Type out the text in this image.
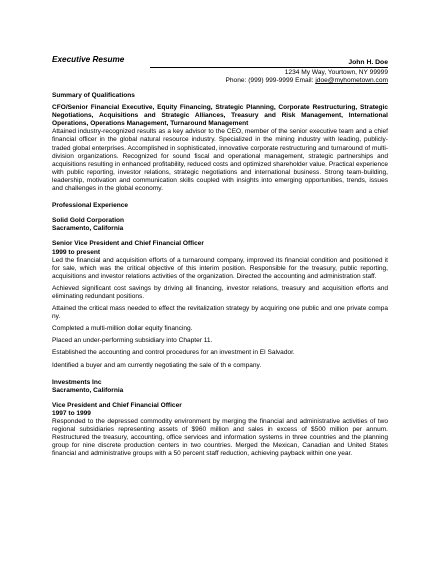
Executive Resume	John H. Doe
1234 My Way, Yourtown, NY 99999
Phone: (999) 999-9999 Email: jdoe@myhometown.com
Summary of Qualifications
CFO/Senior Financial Executive, Equity Financing, Strategic Planning, Corporate Restructuring, Strategic Negotiations, Acquisitions and Strategic Alliances, Treasury and Risk Management, International Operations, Operations Management, Turnaround Management
Attained industry-recognized results as a key advisor to the CEO, member of the senior executive team and a chief financial officer in the global natural resource industry. Specialized in the mining industry with leading, publicly-traded global enterprises. Accomplished in sophisticated, innovative corporate restructuring and turnaround of multi-division organizations. Recognized for sound fiscal and operational management, strategic partnerships and acquisitions resulting in enhanced profitability, reduced costs and optimized shareholder value. Practical experience with public reporting, investor relations, strategic negotiations and international business. Strong team-building, leadership, motivation and communication skills coupled with insights into emerging opportunities, trends, issues and challenges in the global economy.
Professional Experience
Solid Gold Corporation
Sacramento, California
Senior Vice President and Chief Financial Officer
1999 to present
Led the financial and acquisition efforts of a turnaround company, improved its financial condition and positioned it for sale, which was the critical objective of this interim position. Responsible for the treasury, public reporting, acquisitions and investor relations activities of the organization. Directed the accounting and administration staff.
Achieved significant cost savings by driving all financing, investor relations, treasury and acquisition efforts and eliminating redundant positions.
Attained the critical mass needed to effect the revitalization strategy by acquiring one public and one private compa ny.
Completed a multi-million dollar equity financing.
Placed an under-performing subsidiary into Chapter 11.
Established the accounting and control procedures for an investment in El Salvador.
Identified a buyer and am currently negotiating the sale of th e company.
Investments Inc
Sacramento, California
Vice President and Chief Financial Officer
1997 to 1999
Responded to the depressed commodity environment by merging the financial and administrative activities of two regional subsidiaries representing assets of $960 million and sales in excess of $500 million per annum. Restructured the treasury, accounting, office services and information systems in three countries and the planning group for nine discrete production centers in two countries. Merged the Mexican, Canadian and United States financial and administrative groups with a 50 percent staff reduction, achieving payback within one year.
